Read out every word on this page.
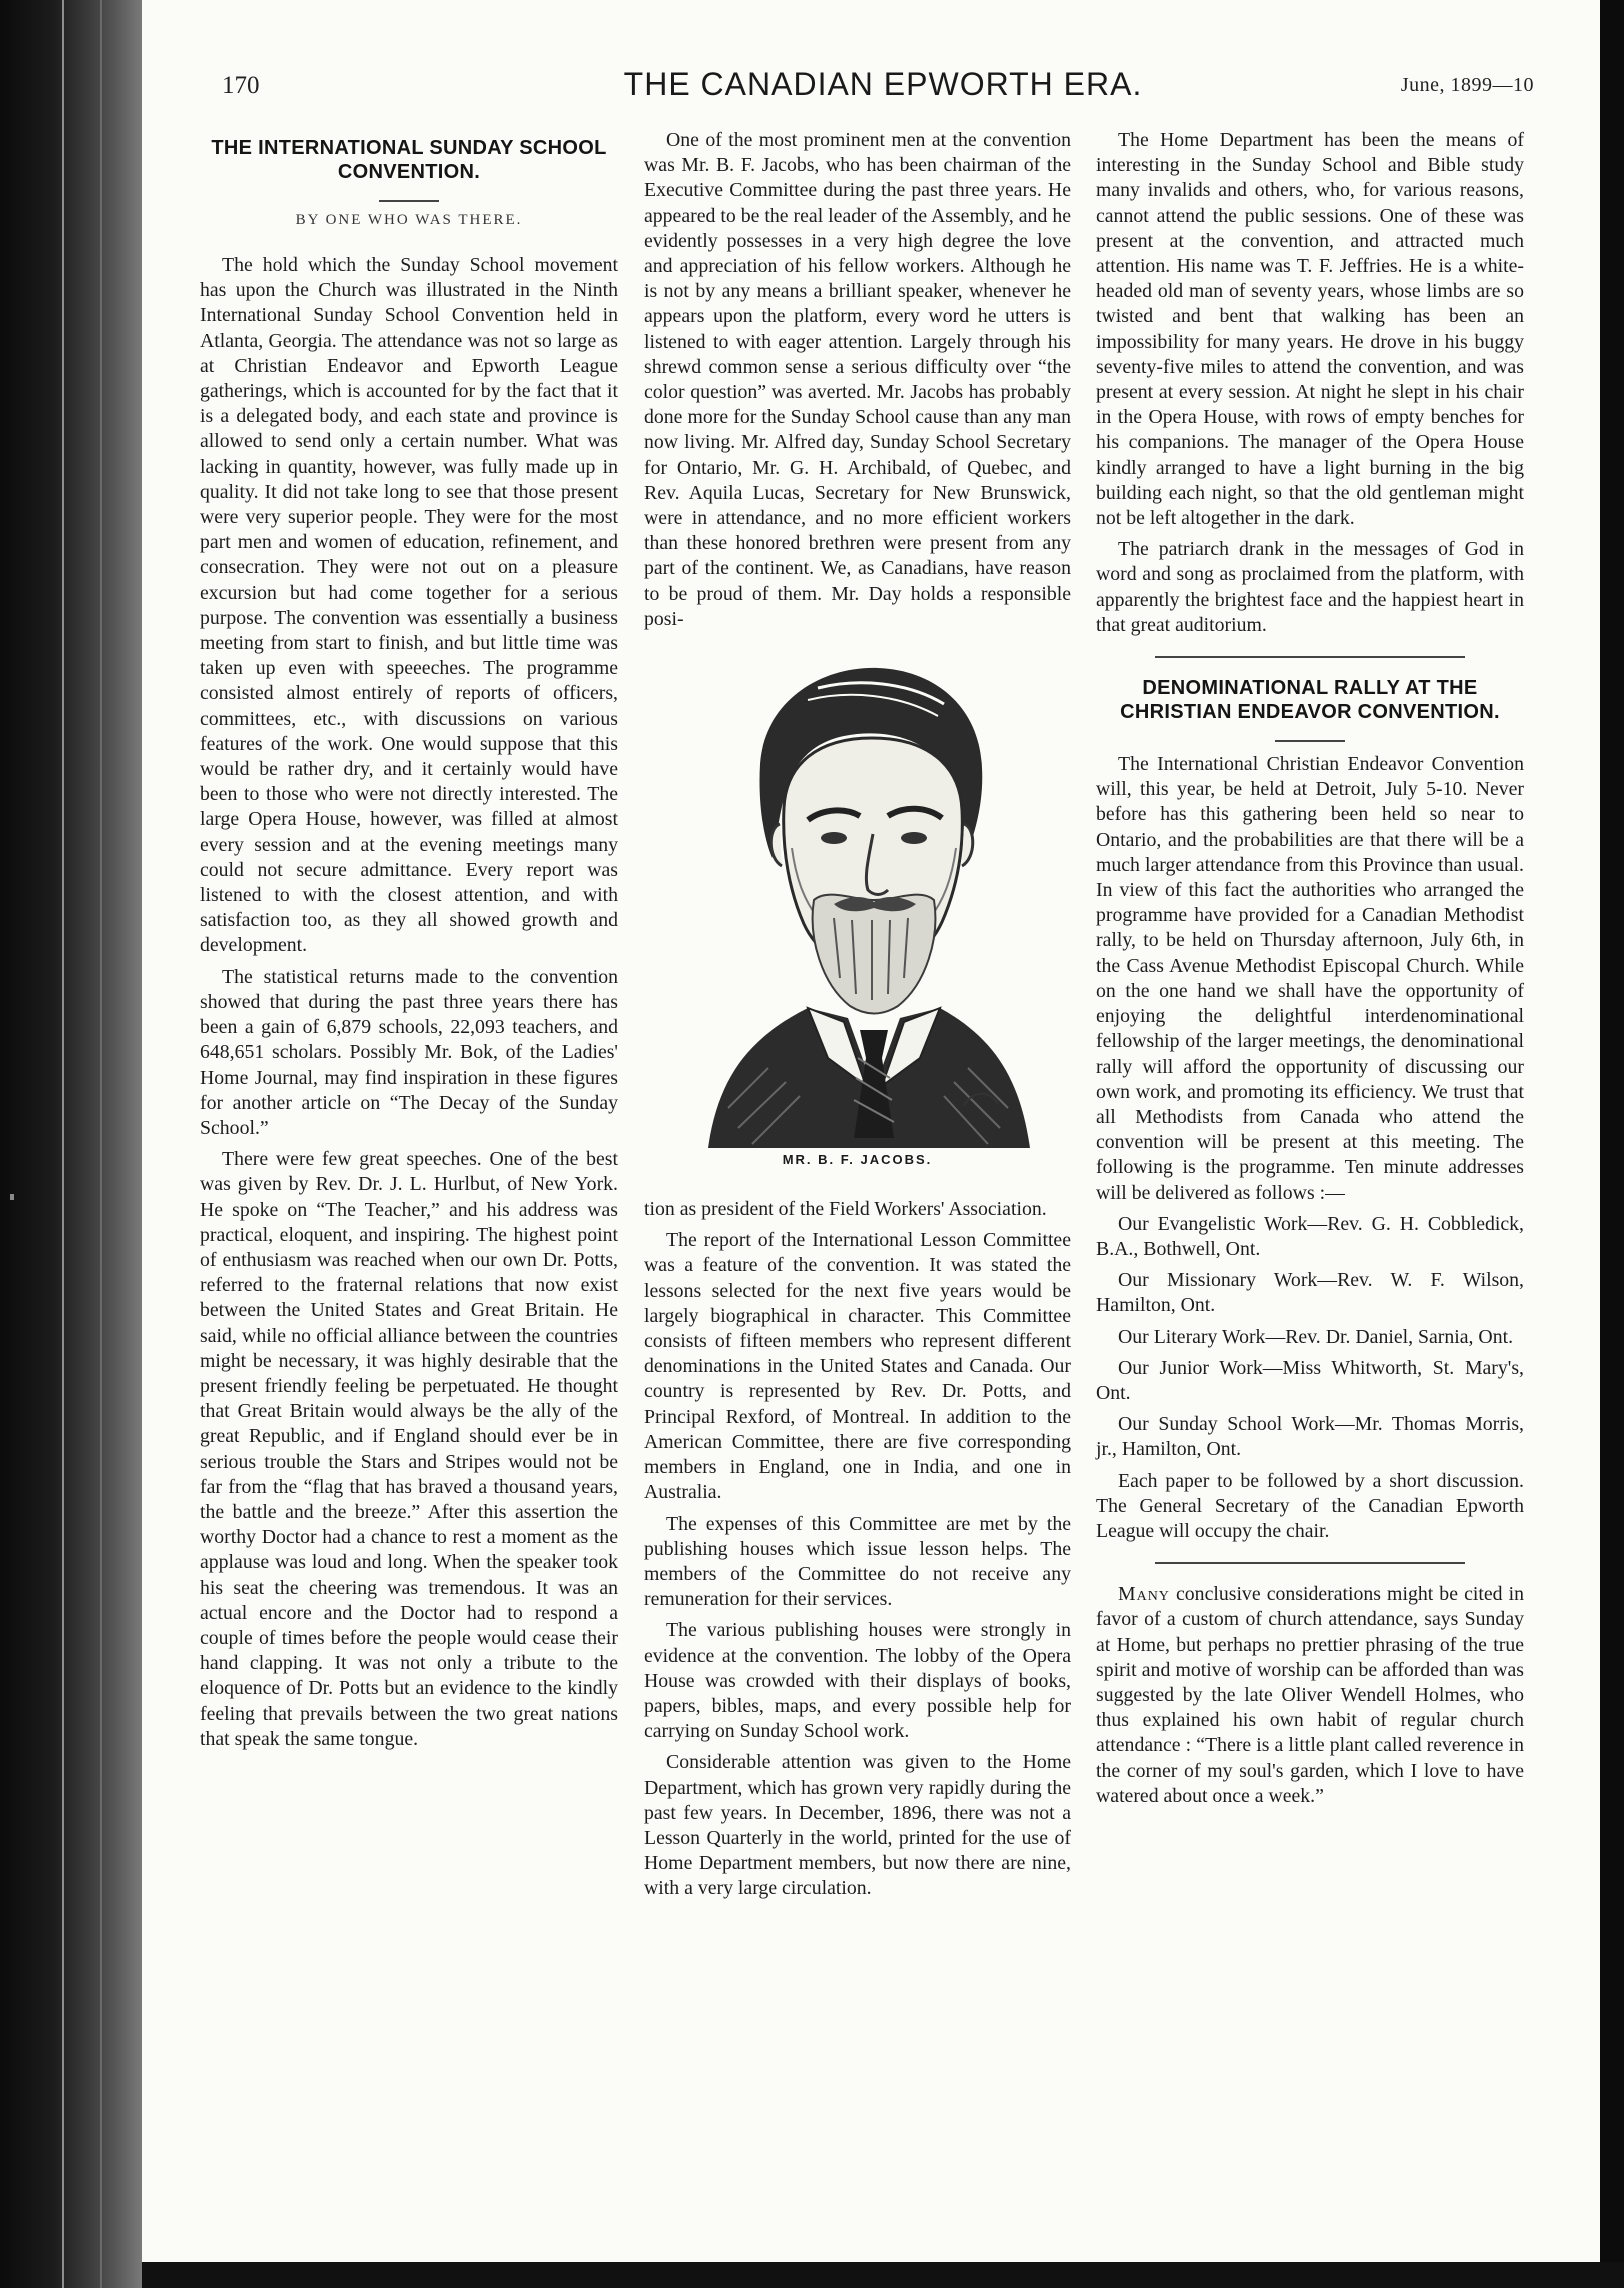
170	THE CANADIAN EPWORTH ERA.	June, 1899—10
THE INTERNATIONAL SUNDAY SCHOOL CONVENTION.
BY ONE WHO WAS THERE.

The hold which the Sunday School movement has upon the Church was illustrated in the Ninth International Sunday School Convention held in Atlanta, Georgia. The attendance was not so large as at Christian Endeavor and Epworth League gatherings, which is accounted for by the fact that it is a delegated body, and each state and province is allowed to send only a certain number. What was lacking in quantity, however, was fully made up in quality. It did not take long to see that those present were very superior people. They were for the most part men and women of education, refinement, and consecration. They were not out on a pleasure excursion but had come together for a serious purpose. The convention was essentially a business meeting from start to finish, and but little time was taken up even with speeeches. The programme consisted almost entirely of reports of officers, committees, etc., with discussions on various features of the work. One would suppose that this would be rather dry, and it certainly would have been to those who were not directly interested. The large Opera House, however, was filled at almost every session and at the evening meetings many could not secure admittance. Every report was listened to with the closest attention, and with satisfaction too, as they all showed growth and development.

The statistical returns made to the convention showed that during the past three years there has been a gain of 6,879 schools, 22,093 teachers, and 648,651 scholars. Possibly Mr. Bok, of the Ladies' Home Journal, may find inspiration in these figures for another article on “The Decay of the Sunday School.”

There were few great speeches. One of the best was given by Rev. Dr. J. L. Hurlbut, of New York. He spoke on “The Teacher,” and his address was practical, eloquent, and inspiring. The highest point of enthusiasm was reached when our own Dr. Potts, referred to the fraternal relations that now exist between the United States and Great Britain. He said, while no official alliance between the countries might be necessary, it was highly desirable that the present friendly feeling be perpetuated. He thought that Great Britain would always be the ally of the great Republic, and if England should ever be in serious trouble the Stars and Stripes would not be far from the “flag that has braved a thousand years, the battle and the breeze.” After this assertion the worthy Doctor had a chance to rest a moment as the applause was loud and long. When the speaker took his seat the cheering was tremendous. It was an actual encore and the Doctor had to respond a couple of times before the people would cease their hand clapping. It was not only a tribute to the eloquence of Dr. Potts but an evidence to the kindly feeling that prevails between the two great nations that speak the same tongue.

One of the most prominent men at the convention was Mr. B. F. Jacobs, who has been chairman of the Executive Committee during the past three years. He appeared to be the real leader of the Assembly, and he evidently possesses in a very high degree the love and appreciation of his fellow workers. Although he is not by any means a brilliant speaker, whenever he appears upon the platform, every word he utters is listened to with eager attention. Largely through his shrewd common sense a serious difficulty over “the color question” was averted. Mr. Jacobs has probably done more for the Sunday School cause than any man now living. Mr. Alfred day, Sunday School Secretary for Ontario, Mr. G. H. Archibald, of Quebec, and Rev. Aquila Lucas, Secretary for New Brunswick, were in attendance, and no more efficient workers than these honored brethren were present from any part of the continent. We, as Canadians, have reason to be proud of them. Mr. Day holds a responsible posi-

MR. B. F. JACOBS.

tion as president of the Field Workers' Association.

The report of the International Lesson Committee was a feature of the convention. It was stated the lessons selected for the next five years would be largely biographical in character. This Committee consists of fifteen members who represent different denominations in the United States and Canada. Our country is represented by Rev. Dr. Potts, and Principal Rexford, of Montreal. In addition to the American Committee, there are five corresponding members in England, one in India, and one in Australia.

The expenses of this Committee are met by the publishing houses which issue lesson helps. The members of the Committee do not receive any remuneration for their services.

The various publishing houses were strongly in evidence at the convention. The lobby of the Opera House was crowded with their displays of books, papers, bibles, maps, and every possible help for carrying on Sunday School work.

Considerable attention was given to the Home Department, which has grown very rapidly during the past few years. In December, 1896, there was not a Lesson Quarterly in the world, printed for the use of Home Department members, but now there are nine, with a very large circulation.

The Home Department has been the means of interesting in the Sunday School and Bible study many invalids and others, who, for various reasons, cannot attend the public sessions. One of these was present at the convention, and attracted much attention. His name was T. F. Jeffries. He is a white-headed old man of seventy years, whose limbs are so twisted and bent that walking has been an impossibility for many years. He drove in his buggy seventy-five miles to attend the convention, and was present at every session. At night he slept in his chair in the Opera House, with rows of empty benches for his companions. The manager of the Opera House kindly arranged to have a light burning in the big building each night, so that the old gentleman might not be left altogether in the dark.

The patriarch drank in the messages of God in word and song as proclaimed from the platform, with apparently the brightest face and the happiest heart in that great auditorium.

DENOMINATIONAL RALLY AT THE CHRISTIAN ENDEAVOR CONVENTION.

The International Christian Endeavor Convention will, this year, be held at Detroit, July 5-10. Never before has this gathering been held so near to Ontario, and the probabilities are that there will be a much larger attendance from this Province than usual. In view of this fact the authorities who arranged the programme have provided for a Canadian Methodist rally, to be held on Thursday afternoon, July 6th, in the Cass Avenue Methodist Episcopal Church. While on the one hand we shall have the opportunity of enjoying the delightful interdenominational fellowship of the larger meetings, the denominational rally will afford the opportunity of discussing our own work, and promoting its efficiency. We trust that all Methodists from Canada who attend the convention will be present at this meeting. The following is the programme. Ten minute addresses will be delivered as follows :—

Our Evangelistic Work—Rev. G. H. Cobbledick, B.A., Bothwell, Ont.

Our Missionary Work—Rev. W. F. Wilson, Hamilton, Ont.

Our Literary Work—Rev. Dr. Daniel, Sarnia, Ont.

Our Junior Work—Miss Whitworth, St. Mary's, Ont.

Our Sunday School Work—Mr. Thomas Morris, jr., Hamilton, Ont.

Each paper to be followed by a short discussion. The General Secretary of the Canadian Epworth League will occupy the chair.

Many conclusive considerations might be cited in favor of a custom of church attendance, says Sunday at Home, but perhaps no prettier phrasing of the true spirit and motive of worship can be afforded than was suggested by the late Oliver Wendell Holmes, who thus explained his own habit of regular church attendance : “There is a little plant called reverence in the corner of my soul's garden, which I love to have watered about once a week.”
